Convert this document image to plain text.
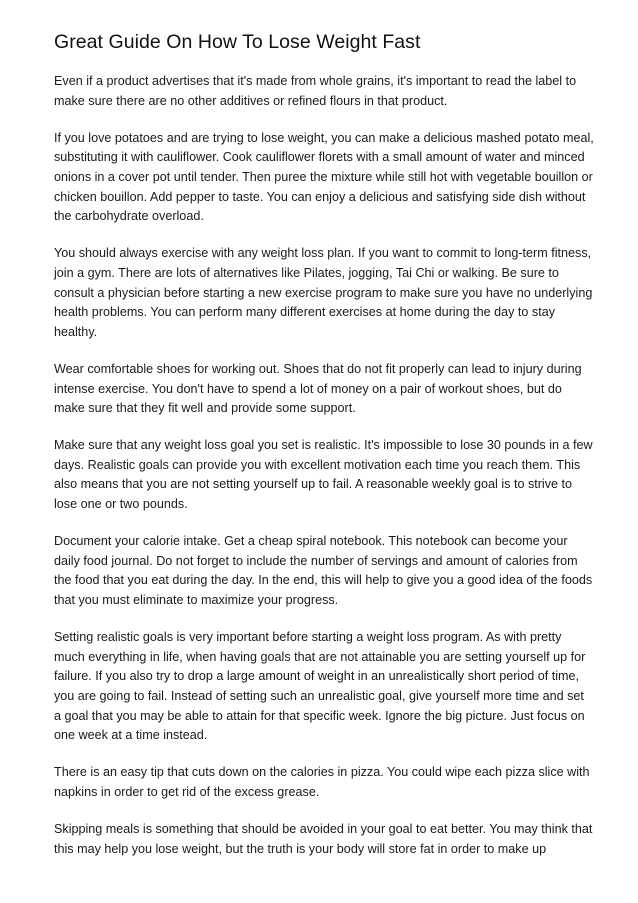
Great Guide On How To Lose Weight Fast

Even if a product advertises that it's made from whole grains, it's important to read the label to make sure there are no other additives or refined flours in that product.

If you love potatoes and are trying to lose weight, you can make a delicious mashed potato meal, substituting it with cauliflower. Cook cauliflower florets with a small amount of water and minced onions in a cover pot until tender. Then puree the mixture while still hot with vegetable bouillon or chicken bouillon. Add pepper to taste. You can enjoy a delicious and satisfying side dish without the carbohydrate overload.

You should always exercise with any weight loss plan. If you want to commit to long-term fitness, join a gym. There are lots of alternatives like Pilates, jogging, Tai Chi or walking. Be sure to consult a physician before starting a new exercise program to make sure you have no underlying health problems. You can perform many different exercises at home during the day to stay healthy.

Wear comfortable shoes for working out. Shoes that do not fit properly can lead to injury during intense exercise. You don't have to spend a lot of money on a pair of workout shoes, but do make sure that they fit well and provide some support.

Make sure that any weight loss goal you set is realistic. It's impossible to lose 30 pounds in a few days. Realistic goals can provide you with excellent motivation each time you reach them. This also means that you are not setting yourself up to fail. A reasonable weekly goal is to strive to lose one or two pounds.

Document your calorie intake. Get a cheap spiral notebook. This notebook can become your daily food journal. Do not forget to include the number of servings and amount of calories from the food that you eat during the day. In the end, this will help to give you a good idea of the foods that you must eliminate to maximize your progress.

Setting realistic goals is very important before starting a weight loss program. As with pretty much everything in life, when having goals that are not attainable you are setting yourself up for failure. If you also try to drop a large amount of weight in an unrealistically short period of time, you are going to fail. Instead of setting such an unrealistic goal, give yourself more time and set a goal that you may be able to attain for that specific week. Ignore the big picture. Just focus on one week at a time instead.

There is an easy tip that cuts down on the calories in pizza. You could wipe each pizza slice with napkins in order to get rid of the excess grease.

Skipping meals is something that should be avoided in your goal to eat better. You may think that this may help you lose weight, but the truth is your body will store fat in order to make up
